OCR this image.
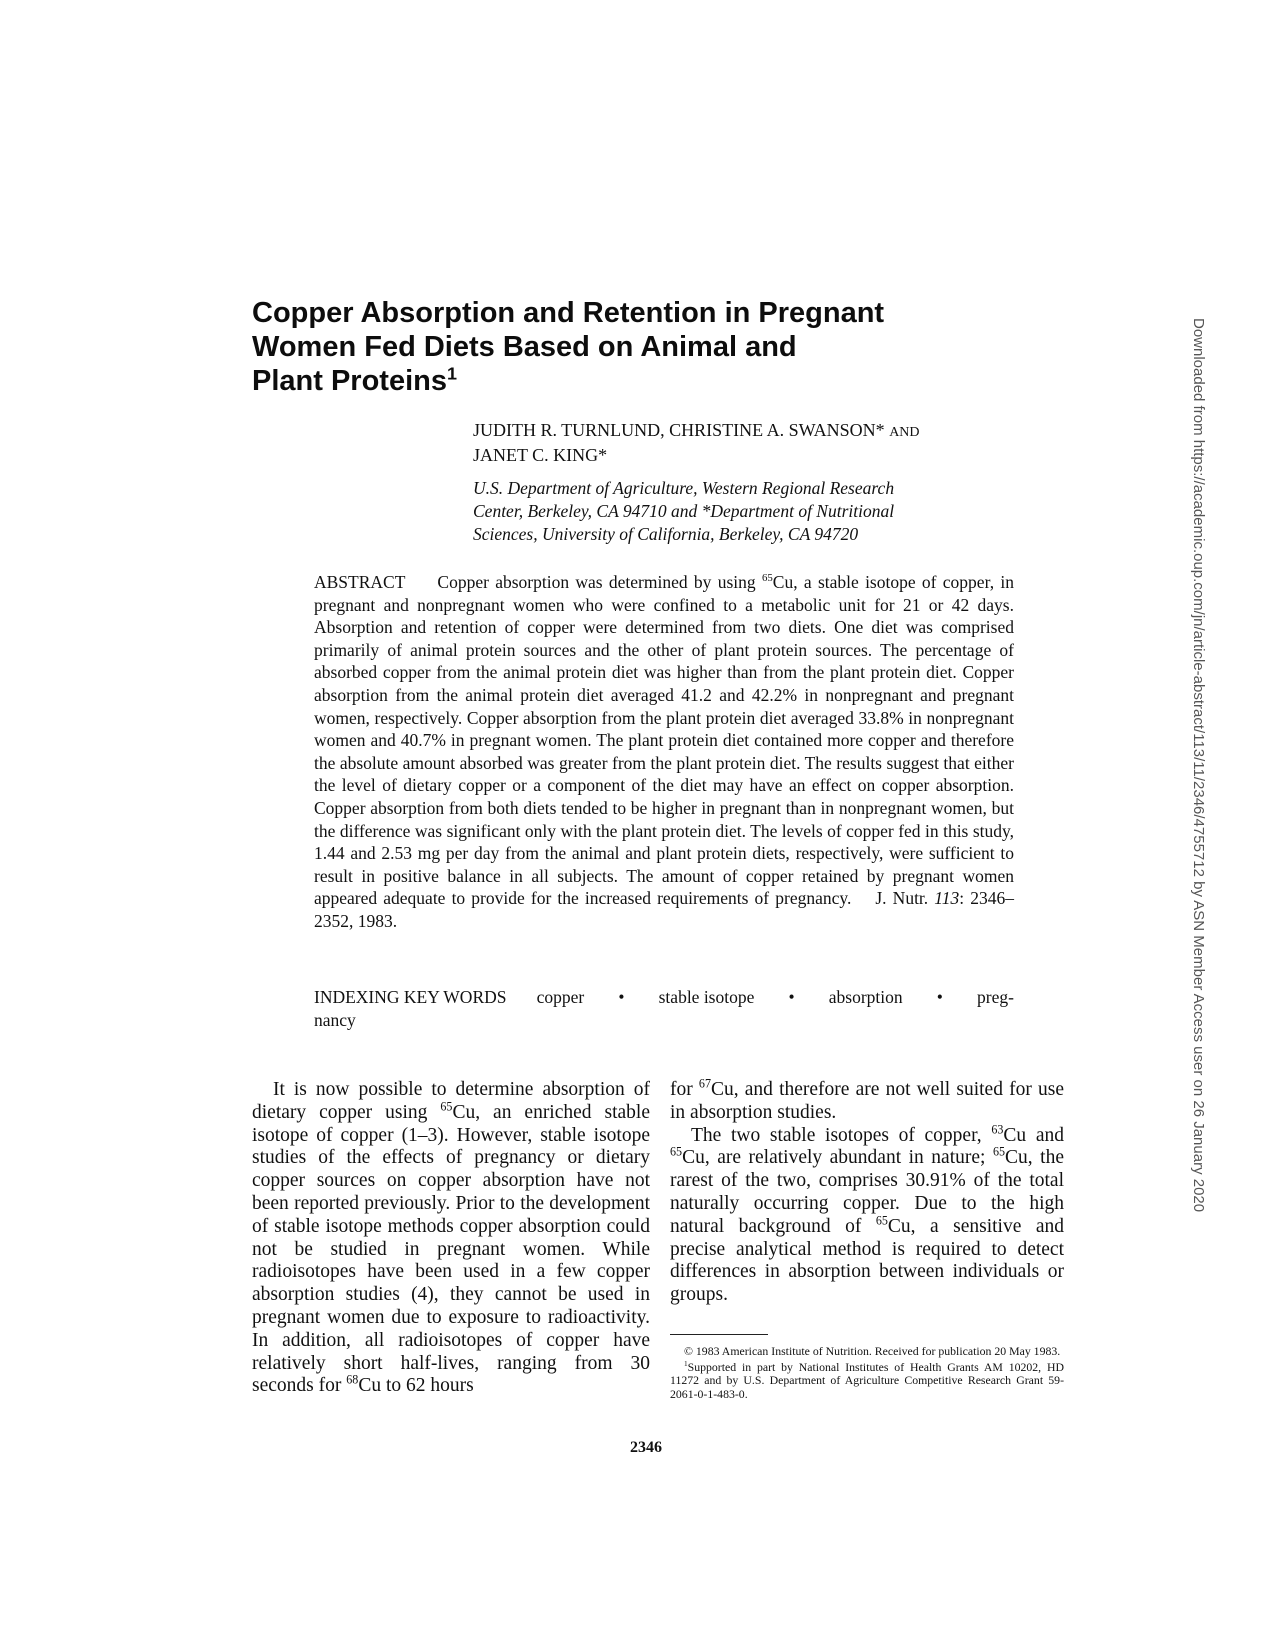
Copper Absorption and Retention in Pregnant
Women Fed Diets Based on Animal and
Plant Proteins$^1$
JUDITH R. TURNLUND, CHRISTINE A. SWANSON* AND
JANET C. KING*
U.S. Department of Agriculture, Western Regional Research
Center, Berkeley, CA 94710 and *Department of Nutritional
Sciences, University of California, Berkeley, CA 94720
ABSTRACT Copper absorption was determined by using $^{65}$Cu, a stable isotope of copper, in pregnant and nonpregnant women who were confined to a metabolic unit for 21 or 42 days. Absorption and retention of copper were determined from two diets. One diet was comprised primarily of animal protein sources and the other of plant protein sources. The percentage of absorbed copper from the animal protein diet was higher than from the plant protein diet. Copper absorption from the animal protein diet averaged 41.2 and 42.2% in nonpregnant and pregnant women, respectively. Copper absorption from the plant protein diet averaged 33.8% in nonpregnant women and 40.7% in pregnant women. The plant protein diet contained more copper and therefore the absolute amount absorbed was greater from the plant protein diet. The results suggest that either the level of dietary copper or a component of the diet may have an effect on copper absorption. Copper absorption from both diets tended to be higher in pregnant than in nonpregnant women, but the difference was significant only with the plant protein diet. The levels of copper fed in this study, 1.44 and 2.53 mg per day from the animal and plant protein diets, respectively, were sufficient to result in positive balance in all subjects. The amount of copper retained by pregnant women appeared adequate to provide for the increased requirements of pregnancy. J. Nutr. 113: 2346–2352, 1983.
INDEXING KEY WORDS copper • stable isotope • absorption • preg-
nancy

It is now possible to determine absorption of dietary copper using $^{65}$Cu, an enriched stable isotope of copper (1–3). However, stable isotope studies of the effects of pregnancy or dietary copper sources on copper absorption have not been reported previously. Prior to the development of stable isotope methods copper absorption could not be studied in pregnant women. While radioisotopes have been used in a few copper absorption studies (4), they cannot be used in pregnant women due to exposure to radioactivity. In addition, all radioisotopes of copper have relatively short half-lives, ranging from 30 seconds for $^{68}$Cu to 62 hours

for $^{67}$Cu, and therefore are not well suited for use in absorption studies.

The two stable isotopes of copper, $^{63}$Cu and $^{65}$Cu, are relatively abundant in nature; $^{65}$Cu, the rarest of the two, comprises 30.91% of the total naturally occurring copper. Due to the high natural background of $^{65}$Cu, a sensitive and precise analytical method is required to detect differences in absorption between individuals or groups.

© 1983 American Institute of Nutrition. Received for publication 20 May 1983.

$^1$Supported in part by National Institutes of Health Grants AM 10202, HD 11272 and by U.S. Department of Agriculture Competitive Research Grant 59-2061-0-1-483-0.

2346
Downloaded from https://academic.oup.com/jn/article-abstract/113/11/2346/4755712 by ASN Member Access user on 26 January 2020
